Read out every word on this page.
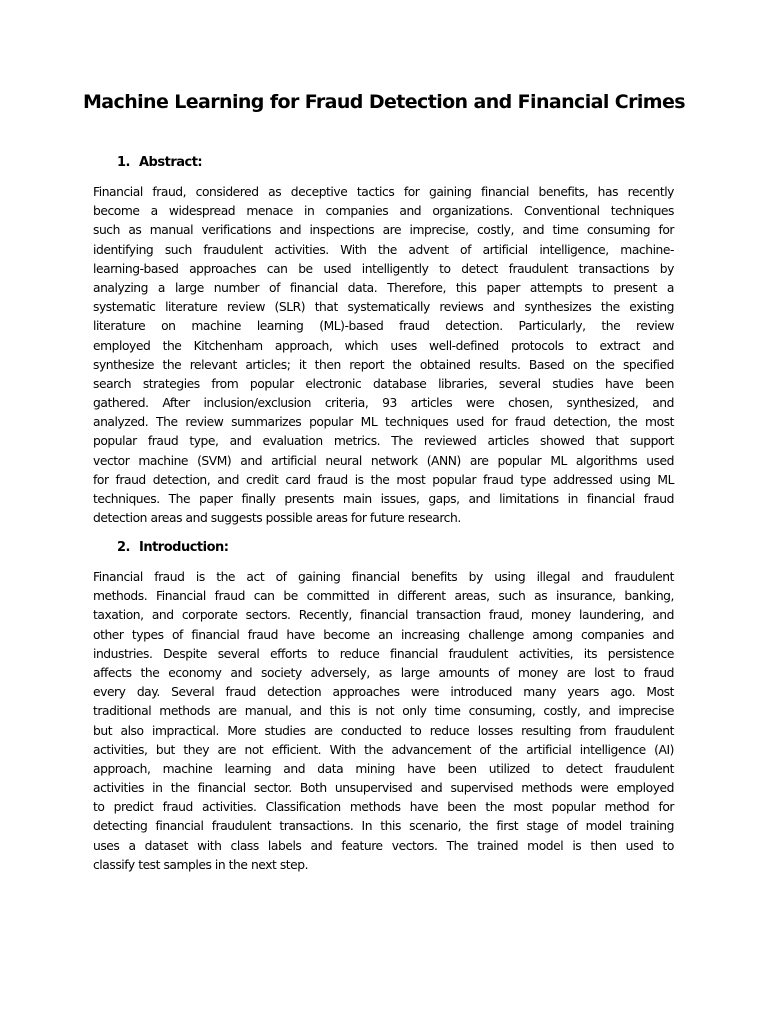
Machine Learning for Fraud Detection and Financial Crimes
1. Abstract:
Financial fraud, considered as deceptive tactics for gaining financial benefits, has recently
become a widespread menace in companies and organizations. Conventional techniques
such as manual verifications and inspections are imprecise, costly, and time consuming for
identifying such fraudulent activities. With the advent of artificial intelligence, machine-
learning-based approaches can be used intelligently to detect fraudulent transactions by
analyzing a large number of financial data. Therefore, this paper attempts to present a
systematic literature review (SLR) that systematically reviews and synthesizes the existing
literature on machine learning (ML)-based fraud detection. Particularly, the review
employed the Kitchenham approach, which uses well-defined protocols to extract and
synthesize the relevant articles; it then report the obtained results. Based on the specified
search strategies from popular electronic database libraries, several studies have been
gathered. After inclusion/exclusion criteria, 93 articles were chosen, synthesized, and
analyzed. The review summarizes popular ML techniques used for fraud detection, the most
popular fraud type, and evaluation metrics. The reviewed articles showed that support
vector machine (SVM) and artificial neural network (ANN) are popular ML algorithms used
for fraud detection, and credit card fraud is the most popular fraud type addressed using ML
techniques. The paper finally presents main issues, gaps, and limitations in financial fraud
detection areas and suggests possible areas for future research.
2. Introduction:
Financial fraud is the act of gaining financial benefits by using illegal and fraudulent
methods. Financial fraud can be committed in different areas, such as insurance, banking,
taxation, and corporate sectors. Recently, financial transaction fraud, money laundering, and
other types of financial fraud have become an increasing challenge among companies and
industries. Despite several efforts to reduce financial fraudulent activities, its persistence
affects the economy and society adversely, as large amounts of money are lost to fraud
every day. Several fraud detection approaches were introduced many years ago. Most
traditional methods are manual, and this is not only time consuming, costly, and imprecise
but also impractical. More studies are conducted to reduce losses resulting from fraudulent
activities, but they are not efficient. With the advancement of the artificial intelligence (AI)
approach, machine learning and data mining have been utilized to detect fraudulent
activities in the financial sector. Both unsupervised and supervised methods were employed
to predict fraud activities. Classification methods have been the most popular method for
detecting financial fraudulent transactions. In this scenario, the first stage of model training
uses a dataset with class labels and feature vectors. The trained model is then used to
classify test samples in the next step.
